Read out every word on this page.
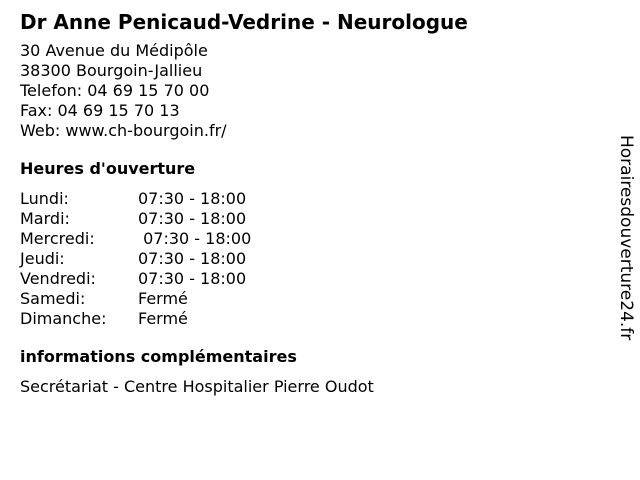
Dr Anne Penicaud-Vedrine - Neurologue
30 Avenue du Médipôle
38300 Bourgoin-Jallieu
Telefon: 04 69 15 70 00
Fax: 04 69 15 70 13
Web: www.ch-bourgoin.fr/
Heures d'ouverture
Lundi:	07:30 - 18:00
Mardi:	07:30 - 18:00
Mercredi:	07:30 - 18:00
Jeudi:	07:30 - 18:00
Vendredi:	07:30 - 18:00
Samedi:	Fermé
Dimanche:	Fermé
informations complémentaires
Secrétariat - Centre Hospitalier Pierre Oudot
Horairesdouverture24.fr
